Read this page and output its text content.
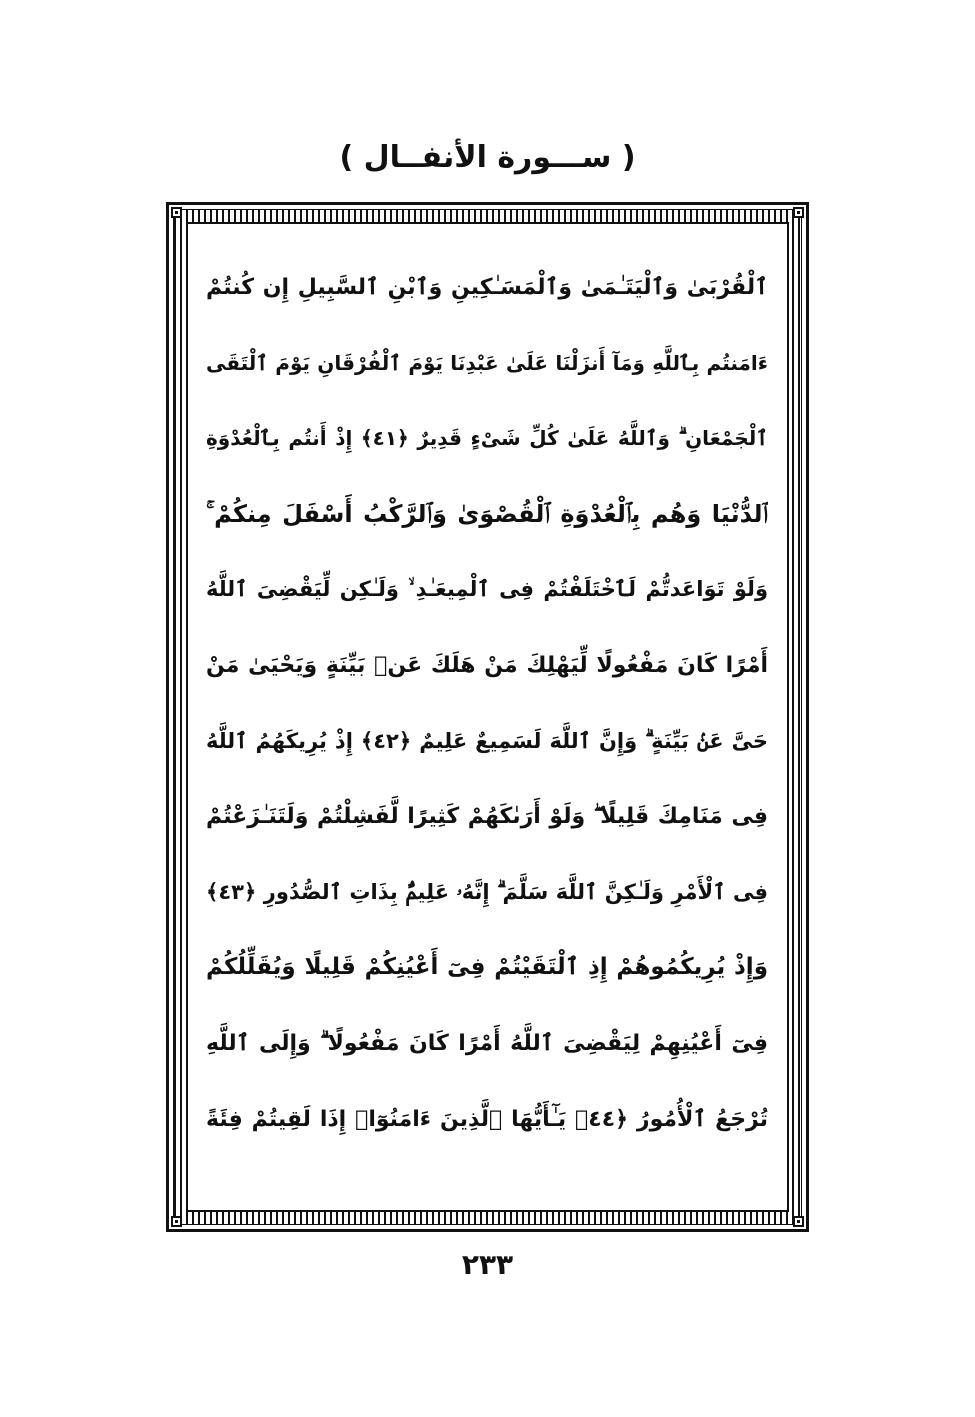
( ســـورة الأنفــال )
ٱلْقُرْبَىٰ وَٱلْيَتَـٰمَىٰ وَٱلْمَسَـٰكِينِ وَٱبْنِ ٱلسَّبِيلِ إِن كُنتُمْ
ءَامَنتُم بِٱللَّهِ وَمَآ أَنزَلْنَا عَلَىٰ عَبْدِنَا يَوْمَ ٱلْفُرْقَانِ يَوْمَ ٱلْتَقَى
ٱلْجَمْعَانِ ۗ وَٱللَّهُ عَلَىٰ كُلِّ شَىْءٍ قَدِيرٌ ﴿٤١﴾ إِذْ أَنتُم بِٱلْعُدْوَةِ
ٱلدُّنْيَا وَهُم بِٱلْعُدْوَةِ ٱلْقُصْوَىٰ وَٱلرَّكْبُ أَسْفَلَ مِنكُمْ ۚ
وَلَوْ تَوَاعَدتُّمْ لَٱخْتَلَفْتُمْ فِى ٱلْمِيعَـٰدِ ۙ وَلَـٰكِن لِّيَقْضِىَ ٱللَّهُ
أَمْرًا كَانَ مَفْعُولًا لِّيَهْلِكَ مَنْ هَلَكَ عَنۢ بَيِّنَةٍ وَيَحْيَىٰ مَنْ
حَىَّ عَنۢ بَيِّنَةٍ ۗ وَإِنَّ ٱللَّهَ لَسَمِيعٌ عَلِيمٌ ﴿٤٢﴾ إِذْ يُرِيكَهُمُ ٱللَّهُ
فِى مَنَامِكَ قَلِيلًا ۖ وَلَوْ أَرَىٰكَهُمْ كَثِيرًا لَّفَشِلْتُمْ وَلَتَنَـٰزَعْتُمْ
فِى ٱلْأَمْرِ وَلَـٰكِنَّ ٱللَّهَ سَلَّمَ ۗ إِنَّهُۥ عَلِيمٌۢ بِذَاتِ ٱلصُّدُورِ ﴿٤٣﴾
وَإِذْ يُرِيكُمُوهُمْ إِذِ ٱلْتَقَيْتُمْ فِىٓ أَعْيُنِكُمْ قَلِيلًا وَيُقَلِّلُكُمْ
فِىٓ أَعْيُنِهِمْ لِيَقْضِىَ ٱللَّهُ أَمْرًا كَانَ مَفْعُولًا ۗ وَإِلَى ٱللَّهِ
تُرْجَعُ ٱلْأُمُورُ ﴿٤٤﴾ يَـٰٓأَيُّهَا ٱلَّذِينَ ءَامَنُوٓا۟ إِذَا لَقِيتُمْ فِئَةً
٢٣٣
